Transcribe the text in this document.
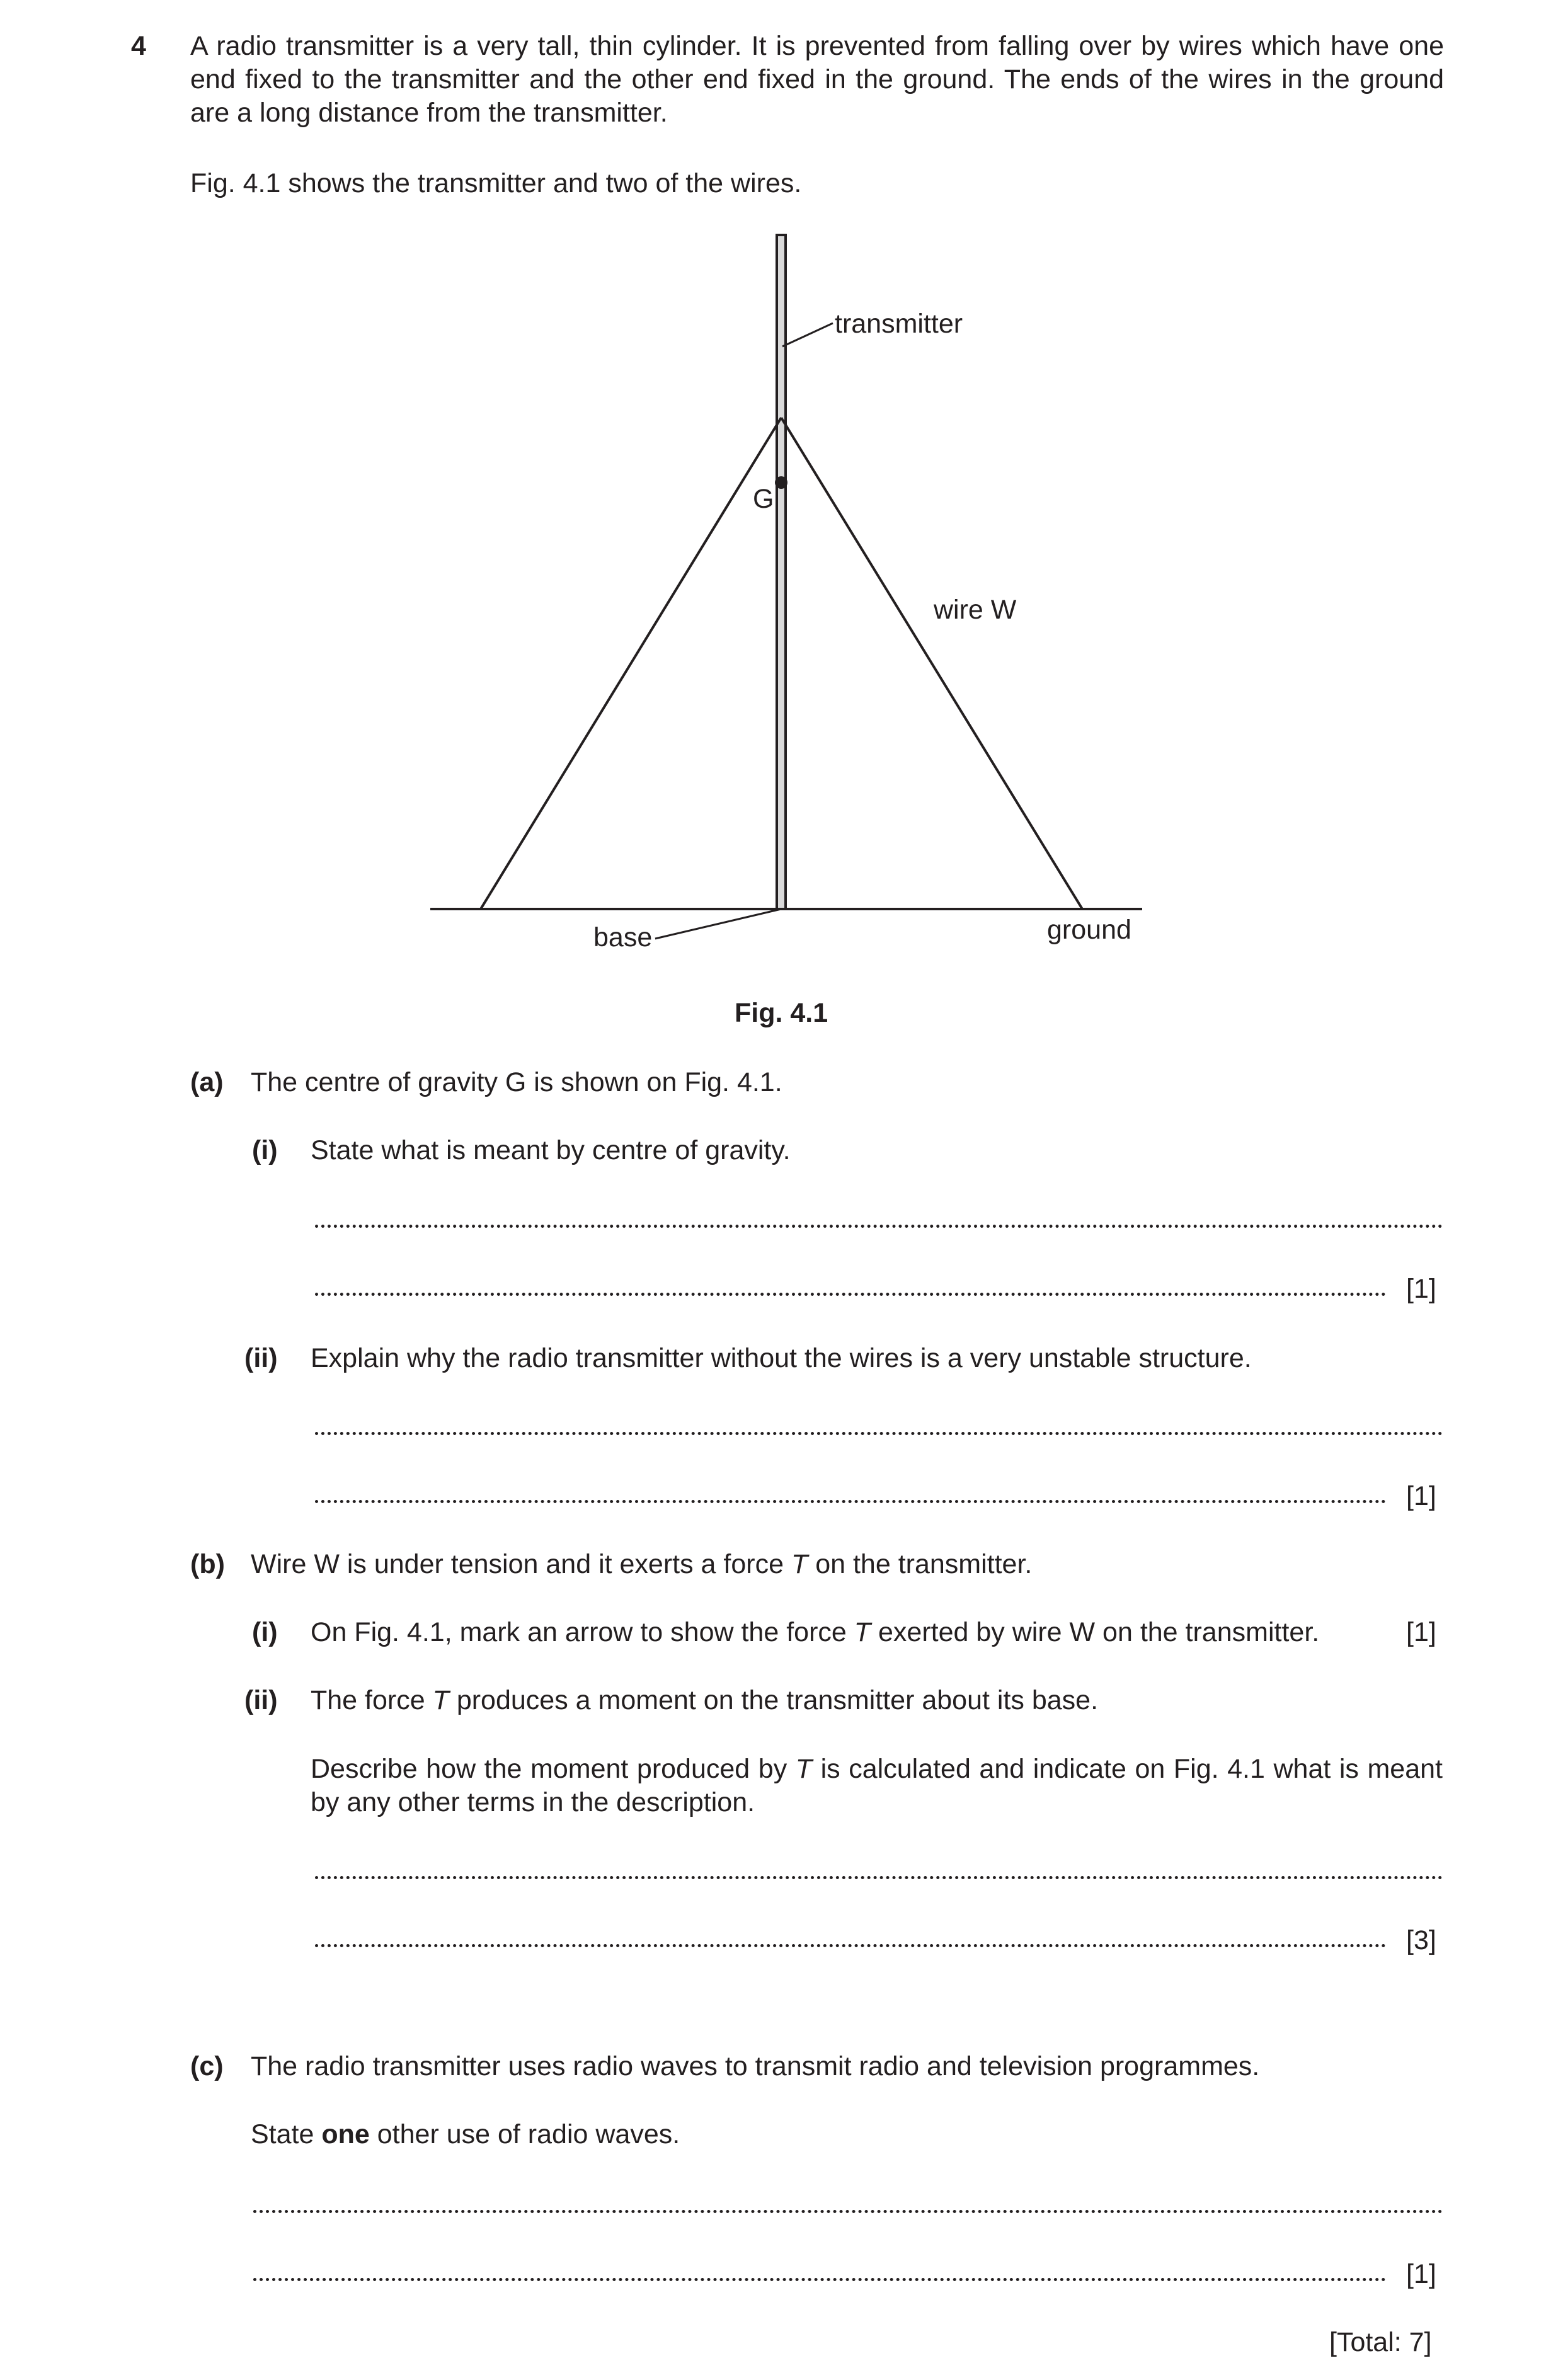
4 A radio transmitter is a very tall, thin cylinder. It is prevented from falling over by wires which have one end fixed to the transmitter and the other end fixed in the ground. The ends of the wires in the ground are a long distance from the transmitter.
Fig. 4.1 shows the transmitter and two of the wires.
transmitter
G
wire W
base	ground
Fig. 4.1
(a) The centre of gravity G is shown on Fig. 4.1.
(i) State what is meant by centre of gravity.
[1]
(ii) Explain why the radio transmitter without the wires is a very unstable structure.
[1]
(b) Wire W is under tension and it exerts a force T on the transmitter.
(i) On Fig. 4.1, mark an arrow to show the force T exerted by wire W on the transmitter.	[1]
(ii) The force T produces a moment on the transmitter about its base.
Describe how the moment produced by T is calculated and indicate on Fig. 4.1 what is meant by any other terms in the description.
[3]
(c) The radio transmitter uses radio waves to transmit radio and television programmes.
State one other use of radio waves.
[1]
[Total: 7]
